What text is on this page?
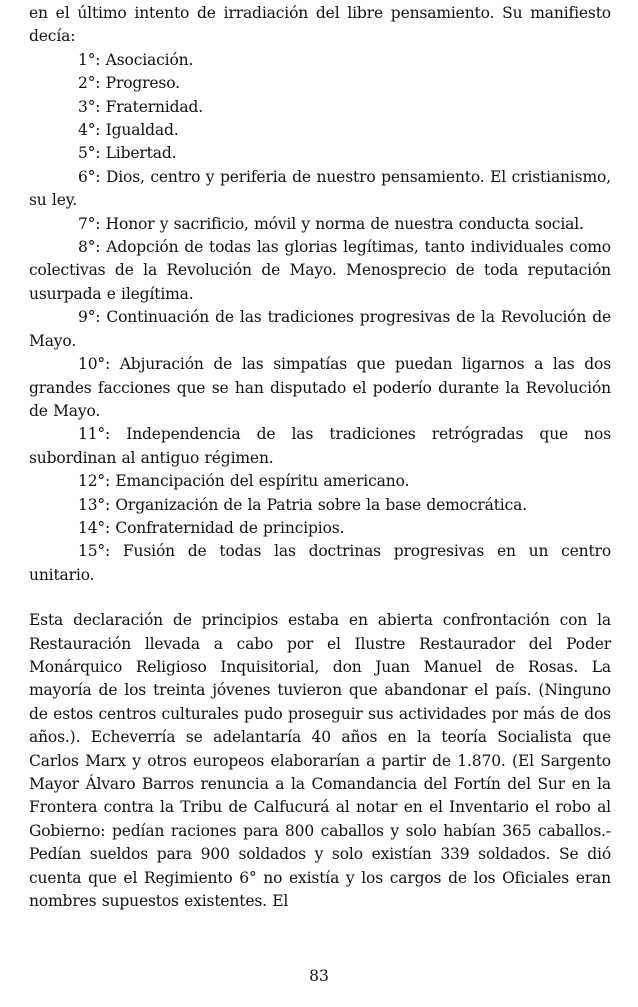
en el último intento de irradiación del libre pensamiento. Su manifiesto decía:

1°: Asociación.

2°: Progreso.

3°: Fraternidad.

4°: Igualdad.

5°: Libertad.

6°: Dios, centro y periferia de nuestro pensamiento. El cristianismo, su ley.

7°: Honor y sacrificio, móvil y norma de nuestra conducta social.

8°: Adopción de todas las glorias legítimas, tanto individuales como colectivas de la Revolución de Mayo. Menosprecio de toda reputación usurpada e ilegítima.

9°: Continuación de las tradiciones progresivas de la Revolución de Mayo.

10°: Abjuración de las simpatías que puedan ligarnos a las dos grandes facciones que se han disputado el poderío durante la Revolución de Mayo.

11°: Independencia de las tradiciones retrógradas que nos subordinan al antiguo régimen.

12°: Emancipación del espíritu americano.

13°: Organización de la Patria sobre la base democrática.

14°: Confraternidad de principios.

15°: Fusión de todas las doctrinas progresivas en un centro unitario.

Esta declaración de principios estaba en abierta confrontación con la Restauración llevada a cabo por el Ilustre Restaurador del Poder Monárquico Religioso Inquisitorial, don Juan Manuel de Rosas. La mayoría de los treinta jóvenes tuvieron que abandonar el país. (Ninguno de estos centros culturales pudo proseguir sus actividades por más de dos años.). Echeverría se adelantaría 40 años en la teoría Socialista que Carlos Marx y otros europeos elaborarían a partir de 1.870. (El Sargento Mayor Álvaro Barros renuncia a la Comandancia del Fortín del Sur en la Frontera contra la Tribu de Calfucurá al notar en el Inventario el robo al Gobierno: pedían raciones para 800 caballos y solo habían 365 caballos.- Pedían sueldos para 900 soldados y solo existían 339 soldados. Se dió cuenta que el Regimiento 6° no existía y los cargos de los Oficiales eran nombres supuestos existentes. El

83
